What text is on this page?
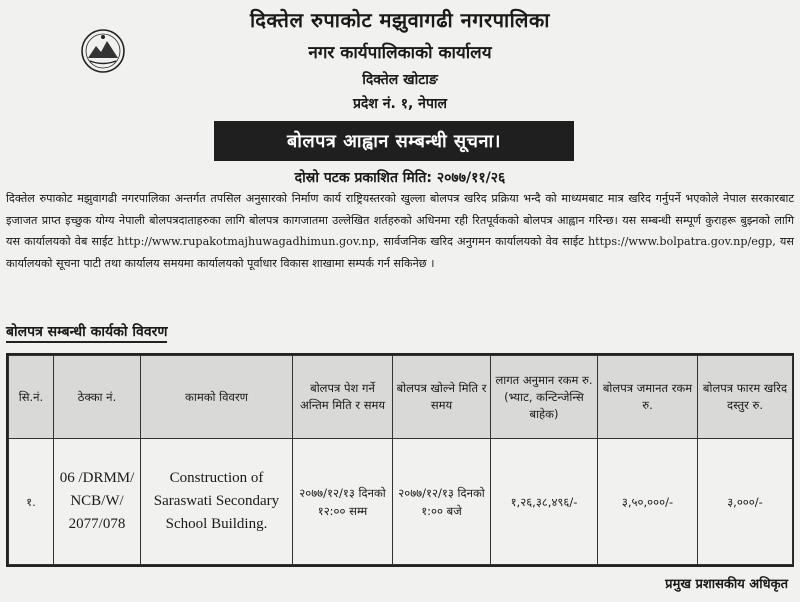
दिक्तेल रुपाकोट मझुवागढी नगरपालिका
नगर कार्यपालिकाको कार्यालय
दिक्तेल खोटाङ
प्रदेश नं. १, नेपाल
बोलपत्र आह्वान सम्बन्धी सूचना।
दोस्रो पटक प्रकाशित मिति: २०७७/११/२६
दिक्तेल रुपाकोट मझुवागढी नगरपालिका अन्तर्गत तपसिल अनुसारको निर्माण कार्य राष्ट्रियस्तरको खुल्ला बोलपत्र खरिद प्रक्रिया भन्दै को माध्यमबाट मात्र खरिद गर्नुपर्ने भएकोले नेपाल सरकारबाट इजाजत प्राप्त इच्छुक योग्य नेपाली बोलपत्रदाताहरुका लागि बोलपत्र कागजातमा उल्लेखित शर्तहरुको अधिनमा रही रितपूर्वकको बोलपत्र आह्वान गरिन्छ। यस सम्बन्धी सम्पूर्ण कुराहरू बुझ्नको लागि यस कार्यालयको वेब साईट http://www.rupakotmajhuwagadhimun.gov.np, सार्वजनिक खरिद अनुगमन कार्यालयको वेव साईट https://www.bolpatra.gov.np/egp, यस कार्यालयको सूचना पाटी तथा कार्यालय समयमा कार्यालयको पूर्वाधार विकास शाखामा सम्पर्क गर्न सकिनेछ ।
बोलपत्र सम्बन्धी कार्यको विवरण
सि.नं.	ठेक्का नं.	कामको विवरण	बोलपत्र पेश गर्ने अन्तिम मिति र समय	बोलपत्र खोल्ने मिति र समय	लागत अनुमान रकम रु. (भ्याट, कन्टिन्जेन्सि बाहेक)	बोलपत्र जमानत रकम रु.	बोलपत्र फारम खरिद दस्तुर रु.
१.	06 /DRMM/ NCB/W/ 2077/078	Construction of Saraswati Secondary School Building.	२०७७/१२/१३ दिनको १२:०० सम्म	२०७७/१२/१३ दिनको १:०० बजे	१,२६,३८,४९६/-	३,५०,०००/-	३,०००/-
प्रमुख प्रशासकीय अधिकृत
